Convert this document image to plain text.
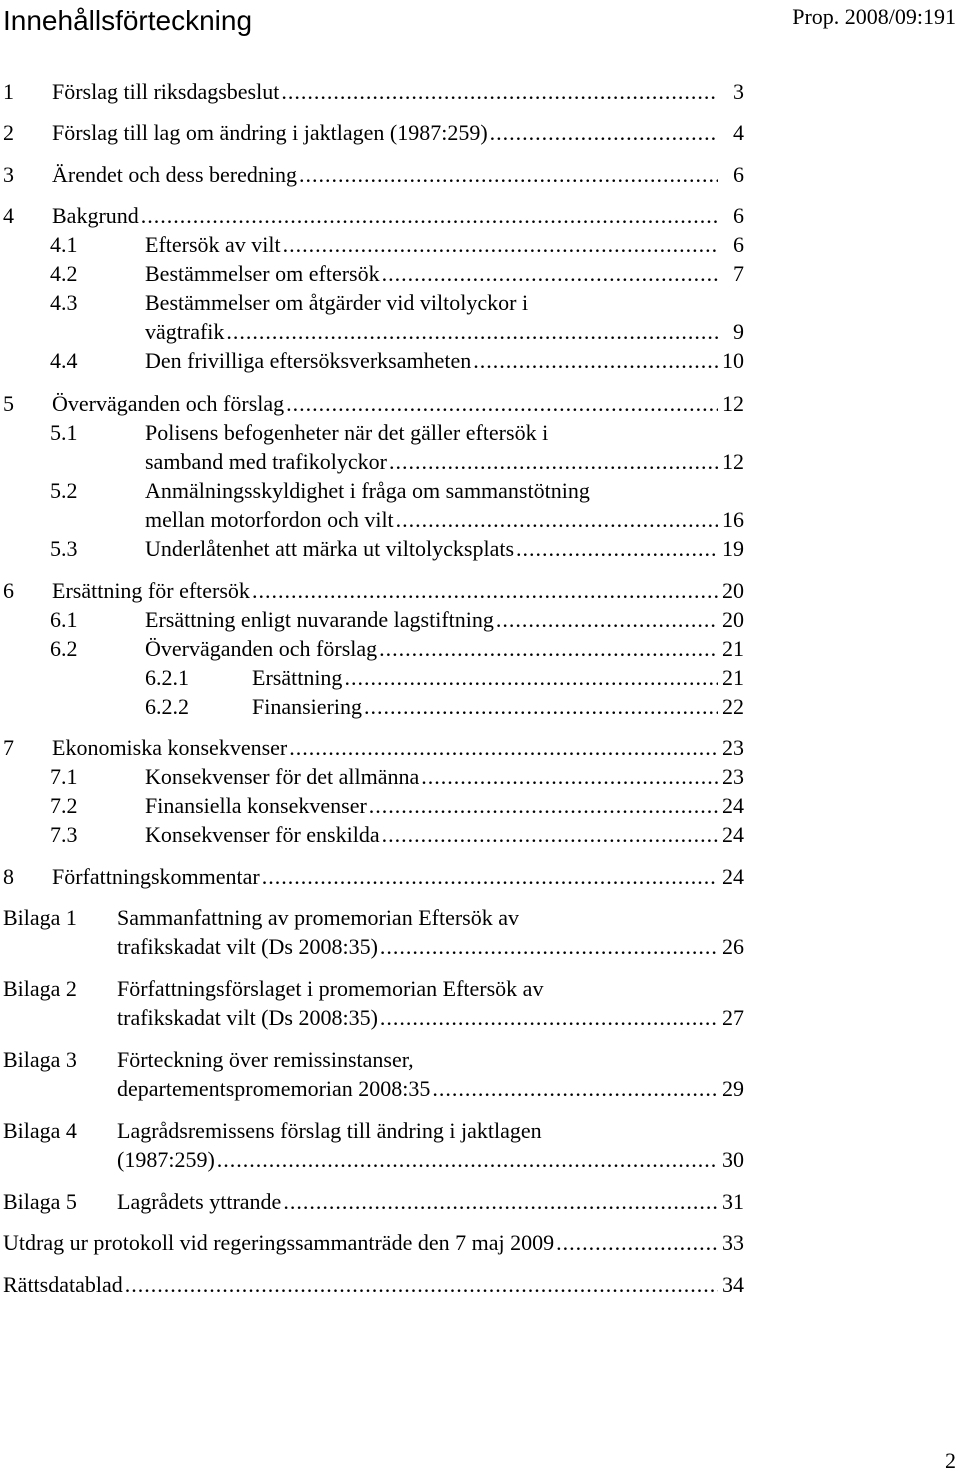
Innehållsförteckning	Prop. 2008/09:191
1 Förslag till riksdagsbeslut .....	3
2 Förslag till lag om ändring i jaktlagen (1987:259) .....	4
3 Ärendet och dess beredning .....	6
4 Bakgrund .....	6
4.1	Eftersök av vilt .....	6
4.2	Bestämmelser om eftersök .....	7
4.3	Bestämmelser om åtgärder vid viltolyckor i
vägtrafik .....	9
4.4	Den frivilliga eftersöksverksamheten .....	10
5 Överväganden och förslag .....	12
5.1	Polisens befogenheter när det gäller eftersök i
samband med trafikolyckor .....	12
5.2	Anmälningsskyldighet i fråga om sammanstötning
mellan motorfordon och vilt .....	16
5.3	Underlåtenhet att märka ut viltolycksplats .....	19
6 Ersättning för eftersök .....	20
6.1	Ersättning enligt nuvarande lagstiftning .....	20
6.2	Överväganden och förslag .....	21
6.2.1	Ersättning .....	21
6.2.2	Finansiering .....	22
7 Ekonomiska konsekvenser .....	23
7.1	Konsekvenser för det allmänna .....	23
7.2	Finansiella konsekvenser .....	24
7.3	Konsekvenser för enskilda .....	24
8 Författningskommentar .....	24
Bilaga 1 Sammanfattning av promemorian Eftersök av
trafikskadat vilt (Ds 2008:35) .....	26
Bilaga 2 Författningsförslaget i promemorian Eftersök av
trafikskadat vilt (Ds 2008:35) .....	27
Bilaga 3 Förteckning över remissinstanser,
departementspromemorian 2008:35 .....	29
Bilaga 4 Lagrådsremissens förslag till ändring i jaktlagen
(1987:259) .....	30
Bilaga 5 Lagrådets yttrande .....	31
Utdrag ur protokoll vid regeringssammanträde den 7 maj 2009 .....	33
Rättsdatablad .....	34
2
